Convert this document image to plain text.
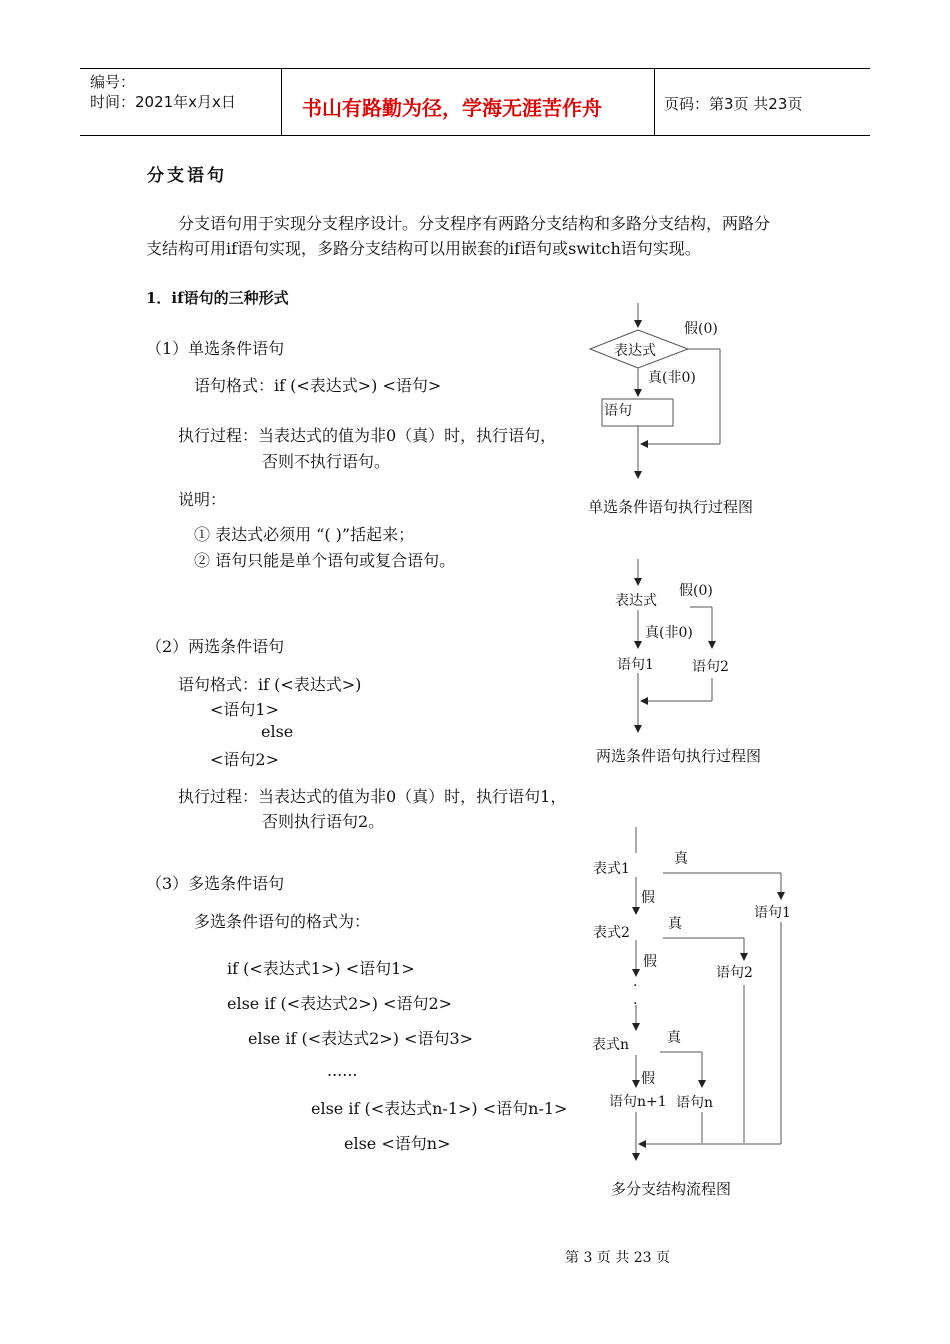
编号：
时间：2021年x月x日	书山有路勤为径，学海无涯苦作舟	页码：第3页 共23页
分支语句
分支语句用于实现分支程序设计。分支程序有两路分支结构和多路分支结构，两路分
支结构可用if语句实现，多路分支结构可以用嵌套的if语句或switch语句实现。
1．if语句的三种形式
（1）单选条件语句
语句格式：if (<表达式>) <语句>
执行过程：当表达式的值为非0（真）时，执行语句，
否则不执行语句。
说明：
① 表达式必须用 “( )”括起来；
② 语句只能是单个语句或复合语句。
（2）两选条件语句
语句格式：if (<表达式>)
<语句1>
else
<语句2>
执行过程：当表达式的值为非0（真）时，执行语句1，
否则执行语句2。
（3）多选条件语句
多选条件语句的格式为：
if (<表达式1>) <语句1>
else if (<表达式2>) <语句2>
else if (<表达式2>) <语句3>
......
else if (<表达式n-1>) <语句n-1>
else <语句n>
表达式
假(0)
真(非0)
语句
单选条件语句执行过程图
表达式
假(0)
真(非0)
语句1	语句2
两选条件语句执行过程图
表式1
真
假
语句1
表式2
真
假
语句2
·
·
表式n	真
假
语句n+1 语句n
多分支结构流程图
第 3 页 共 23 页
